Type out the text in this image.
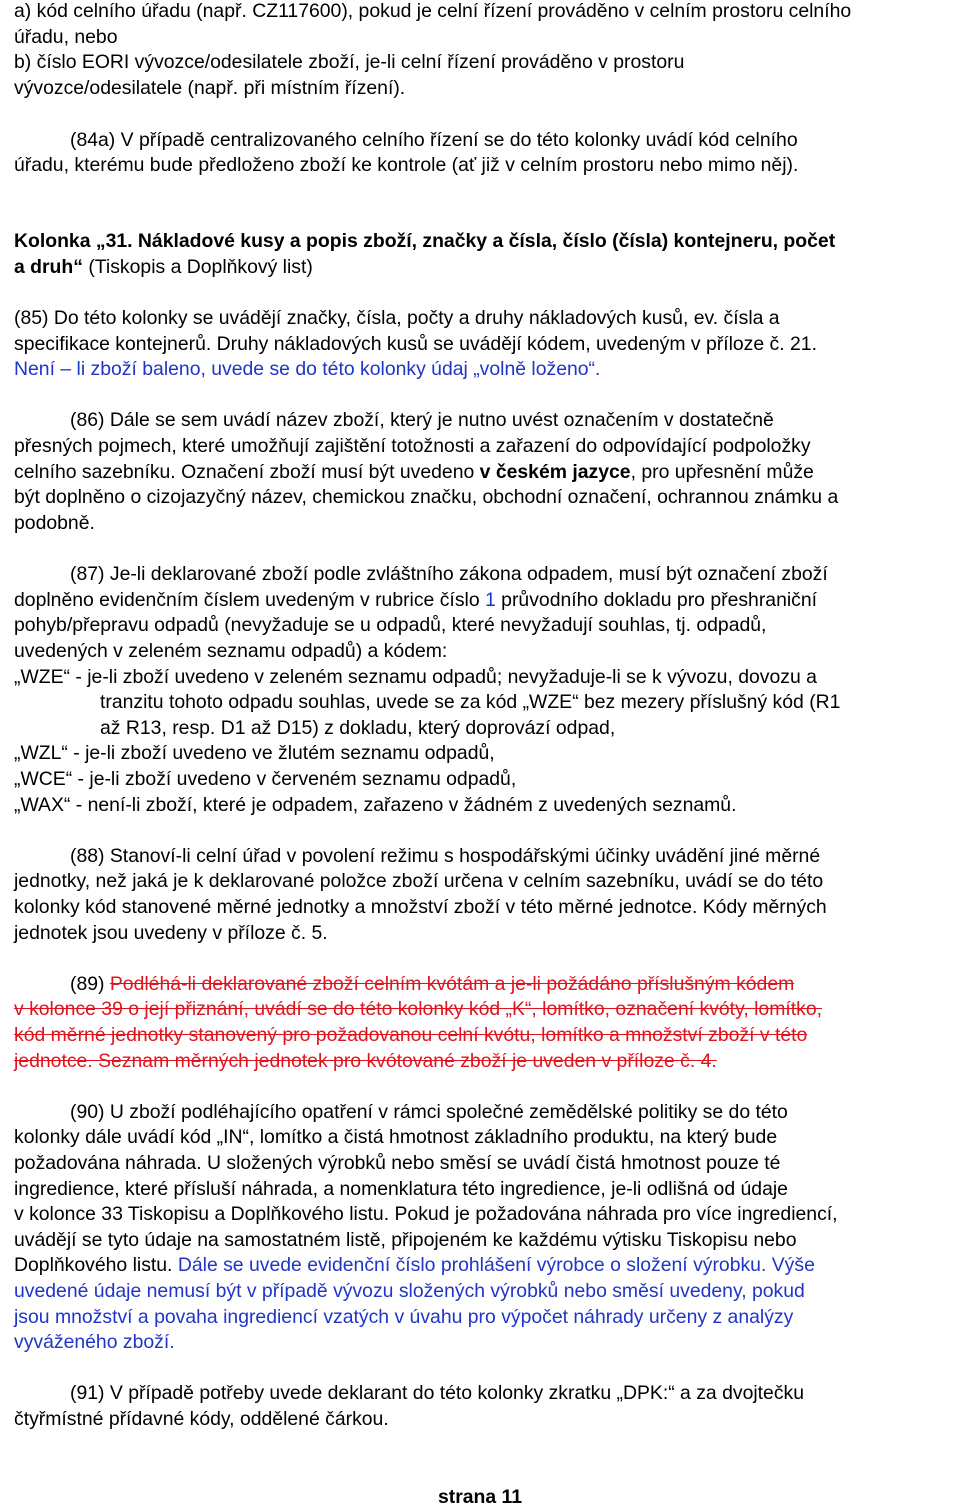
a) kód celního úřadu (např. CZ117600), pokud je celní řízení prováděno v celním prostoru celního
úřadu, nebo
b) číslo EORI vývozce/odesilatele zboží, je-li celní řízení prováděno v prostoru
vývozce/odesilatele (např. při místním řízení).
(84a) V případě centralizovaného celního řízení se do této kolonky uvádí kód celního
úřadu, kterému bude předloženo zboží ke kontrole (ať již v celním prostoru nebo mimo něj).
Kolonka „31. Nákladové kusy a popis zboží, značky a čísla, číslo (čísla) kontejneru, počet
a druh“ (Tiskopis a Doplňkový list)
(85) Do této kolonky se uvádějí značky, čísla, počty a druhy nákladových kusů, ev. čísla a
specifikace kontejnerů. Druhy nákladových kusů se uvádějí kódem, uvedeným v příloze č. 21.
Není – li zboží baleno, uvede se do této kolonky údaj „volně loženo“.
(86) Dále se sem uvádí název zboží, který je nutno uvést označením v dostatečně
přesných pojmech, které umožňují zajištění totožnosti a zařazení do odpovídající podpoložky
celního sazebníku. Označení zboží musí být uvedeno v českém jazyce, pro upřesnění může
být doplněno o cizojazyčný název, chemickou značku, obchodní označení, ochrannou známku a
podobně.
(87) Je-li deklarované zboží podle zvláštního zákona odpadem, musí být označení zboží
doplněno evidenčním číslem uvedeným v rubrice číslo 1 průvodního dokladu pro přeshraniční
pohyb/přepravu odpadů (nevyžaduje se u odpadů, které nevyžadují souhlas, tj. odpadů,
uvedených v zeleném seznamu odpadů) a kódem:
„WZE“ - je-li zboží uvedeno v zeleném seznamu odpadů; nevyžaduje-li se k vývozu, dovozu a
tranzitu tohoto odpadu souhlas, uvede se za kód „WZE“ bez mezery příslušný kód (R1
až R13, resp. D1 až D15) z dokladu, který doprovází odpad,
„WZL“ - je-li zboží uvedeno ve žlutém seznamu odpadů,
„WCE“ - je-li zboží uvedeno v červeném seznamu odpadů,
„WAX“ - není-li zboží, které je odpadem, zařazeno v žádném z uvedených seznamů.
(88) Stanoví-li celní úřad v povolení režimu s hospodářskými účinky uvádění jiné měrné
jednotky, než jaká je k deklarované položce zboží určena v celním sazebníku, uvádí se do této
kolonky kód stanovené měrné jednotky a množství zboží v této měrné jednotce. Kódy měrných
jednotek jsou uvedeny v příloze č. 5.
(89) Podléhá-li deklarované zboží celním kvótám a je-li požádáno příslušným kódem
v kolonce 39 o její přiznání, uvádí se do této kolonky kód „K“, lomítko, označení kvóty, lomítko,
kód měrné jednotky stanovený pro požadovanou celní kvótu, lomítko a množství zboží v této
jednotce. Seznam měrných jednotek pro kvótované zboží je uveden v příloze č. 4.
(90) U zboží podléhajícího opatření v rámci společné zemědělské politiky se do této
kolonky dále uvádí kód „IN“, lomítko a čistá hmotnost základního produktu, na který bude
požadována náhrada. U složených výrobků nebo směsí se uvádí čistá hmotnost pouze té
ingredience, které přísluší náhrada, a nomenklatura této ingredience, je-li odlišná od údaje
v kolonce 33 Tiskopisu a Doplňkového listu. Pokud je požadována náhrada pro více ingrediencí,
uvádějí se tyto údaje na samostatném listě, připojeném ke každému výtisku Tiskopisu nebo
Doplňkového listu. Dále se uvede evidenční číslo prohlášení výrobce o složení výrobku. Výše
uvedené údaje nemusí být v případě vývozu složených výrobků nebo směsí uvedeny, pokud
jsou množství a povaha ingrediencí vzatých v úvahu pro výpočet náhrady určeny z analýzy
vyváženého zboží.
(91) V případě potřeby uvede deklarant do této kolonky zkratku „DPK:“ a za dvojtečku
čtyřmístné přídavné kódy, oddělené čárkou.
strana 11
